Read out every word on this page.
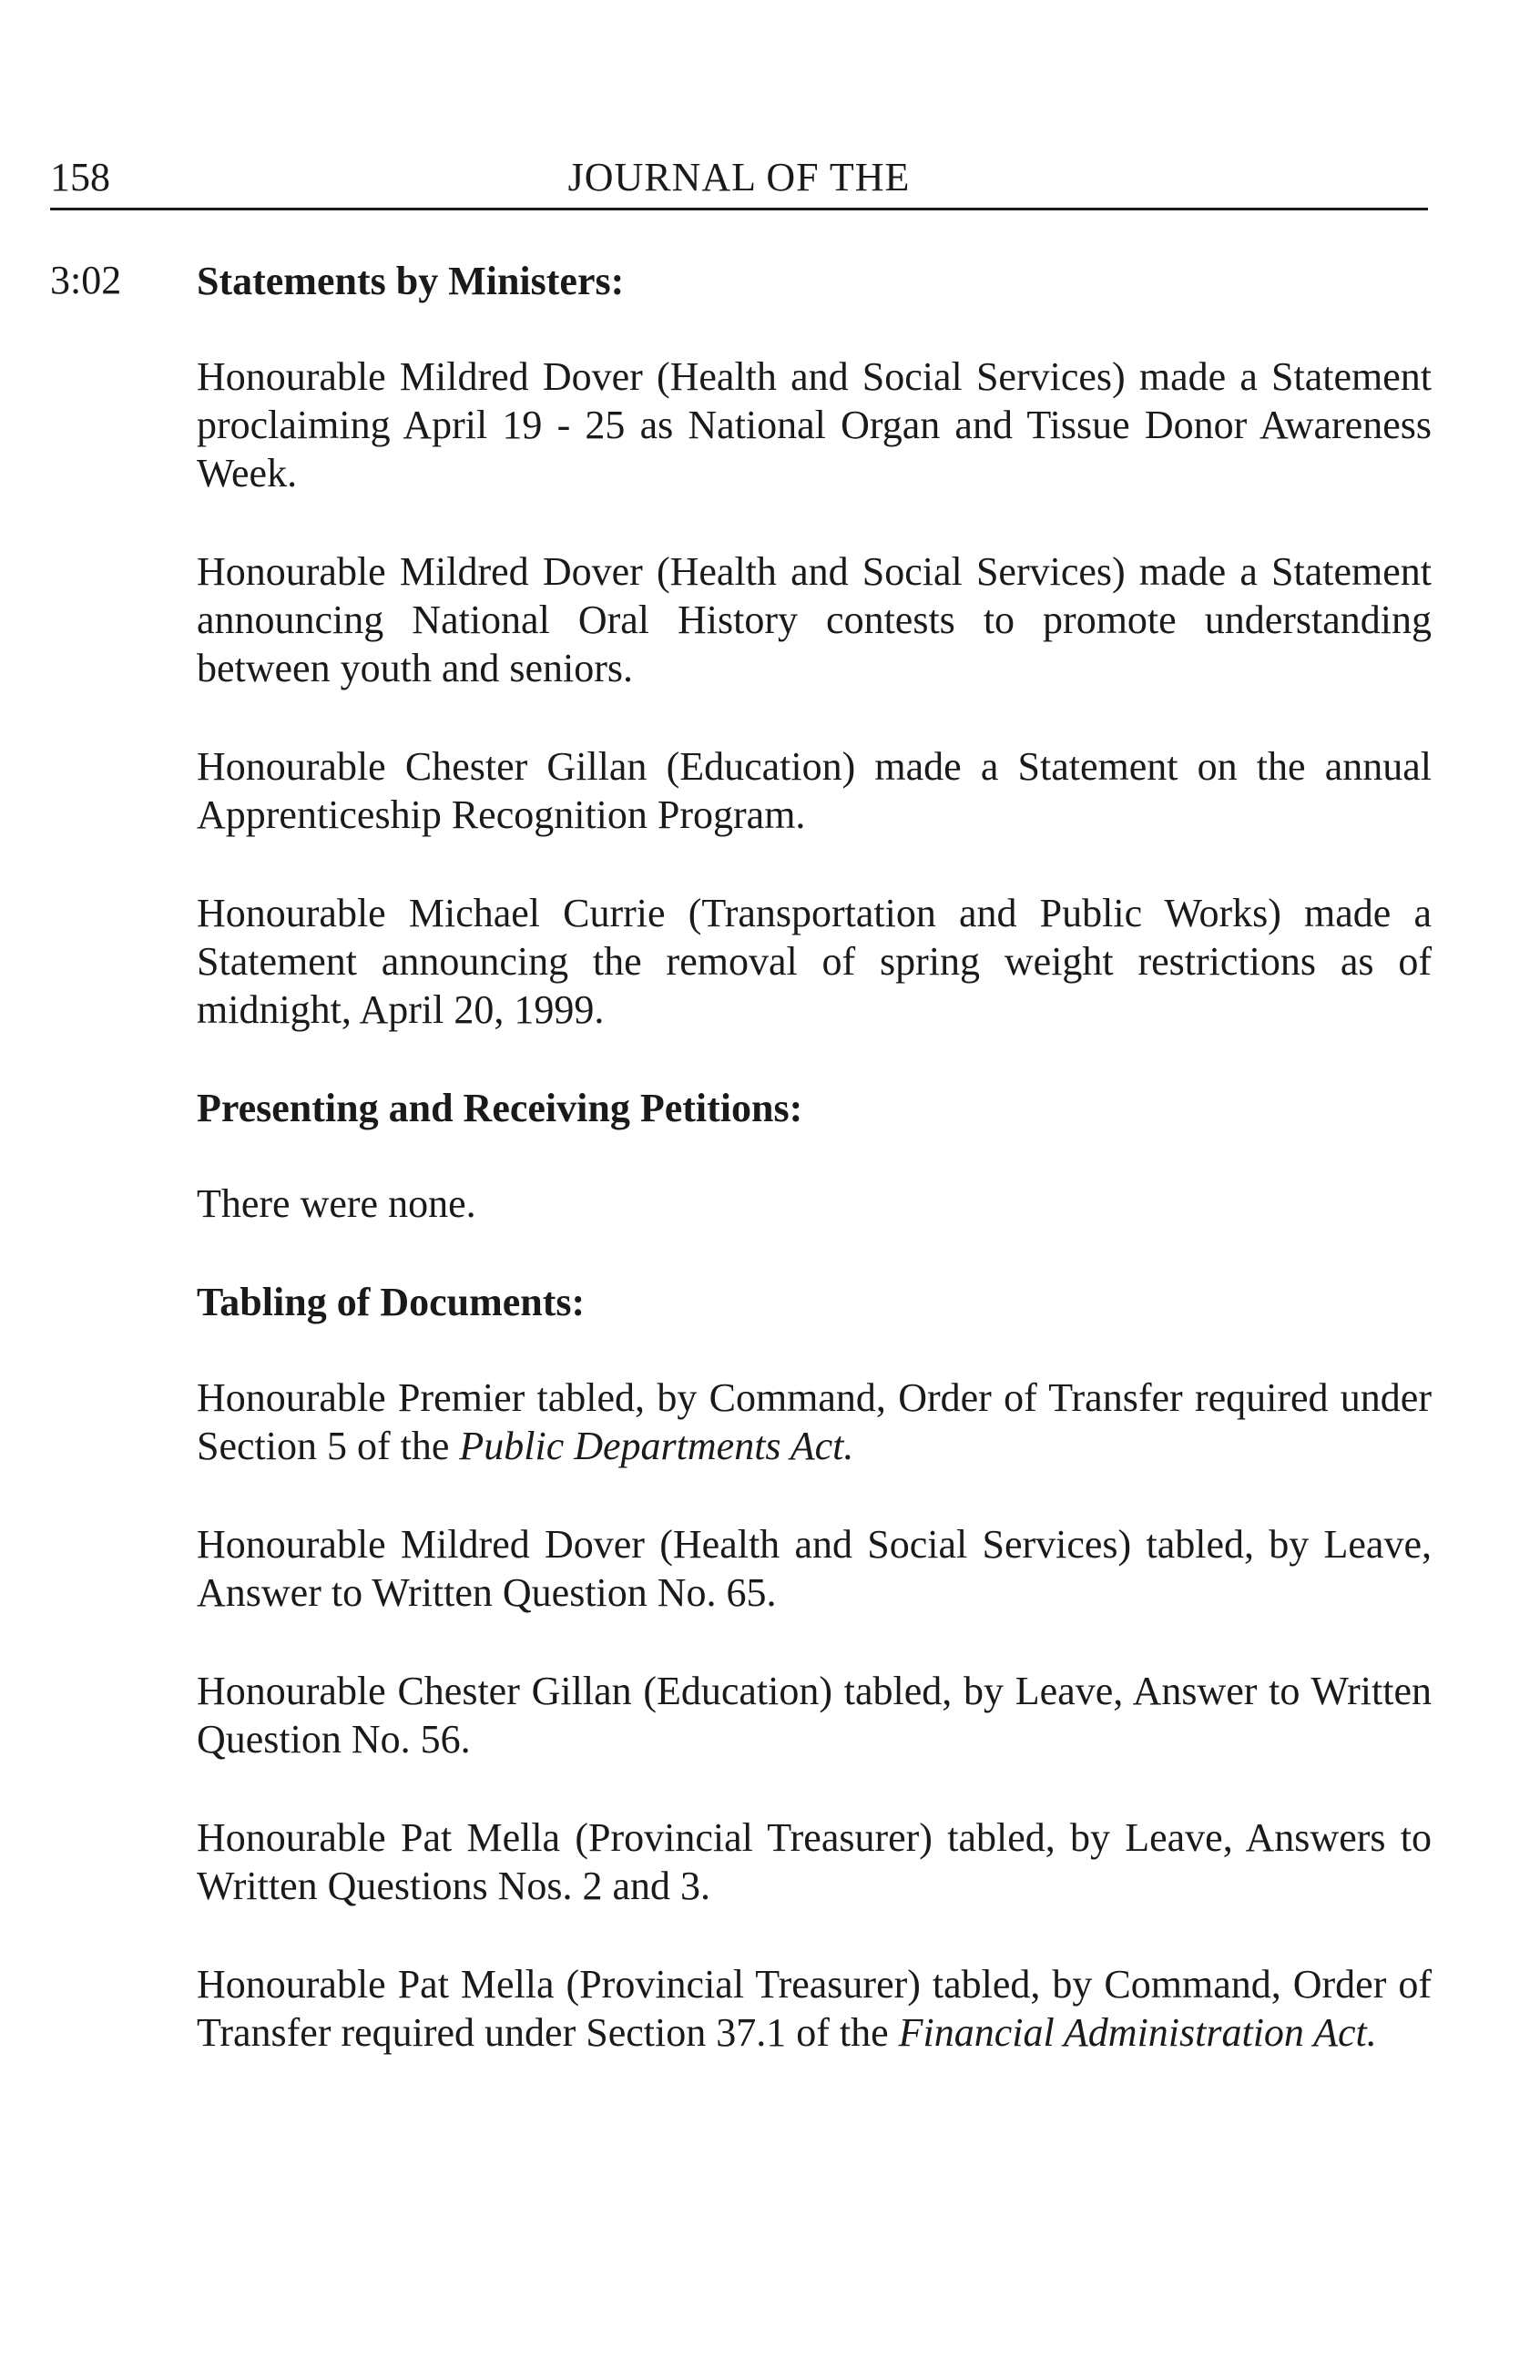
158	JOURNAL OF THE
3:02 Statements by Ministers:

Honourable Mildred Dover (Health and Social Services) made a Statement proclaiming April 19 - 25 as National Organ and Tissue Donor Awareness Week.

Honourable Mildred Dover (Health and Social Services) made a Statement announcing National Oral History contests to promote understanding between youth and seniors.

Honourable Chester Gillan (Education) made a Statement on the annual Apprenticeship Recognition Program.

Honourable Michael Currie (Transportation and Public Works) made a Statement announcing the removal of spring weight restrictions as of midnight, April 20, 1999.

Presenting and Receiving Petitions:

There were none.

Tabling of Documents:

Honourable Premier tabled, by Command, Order of Transfer required under Section 5 of the Public Departments Act.

Honourable Mildred Dover (Health and Social Services) tabled, by Leave, Answer to Written Question No. 65.

Honourable Chester Gillan (Education) tabled, by Leave, Answer to Written Question No. 56.

Honourable Pat Mella (Provincial Treasurer) tabled, by Leave, Answers to Written Questions Nos. 2 and 3.

Honourable Pat Mella (Provincial Treasurer) tabled, by Command, Order of Transfer required under Section 37.1 of the Financial Administration Act.
